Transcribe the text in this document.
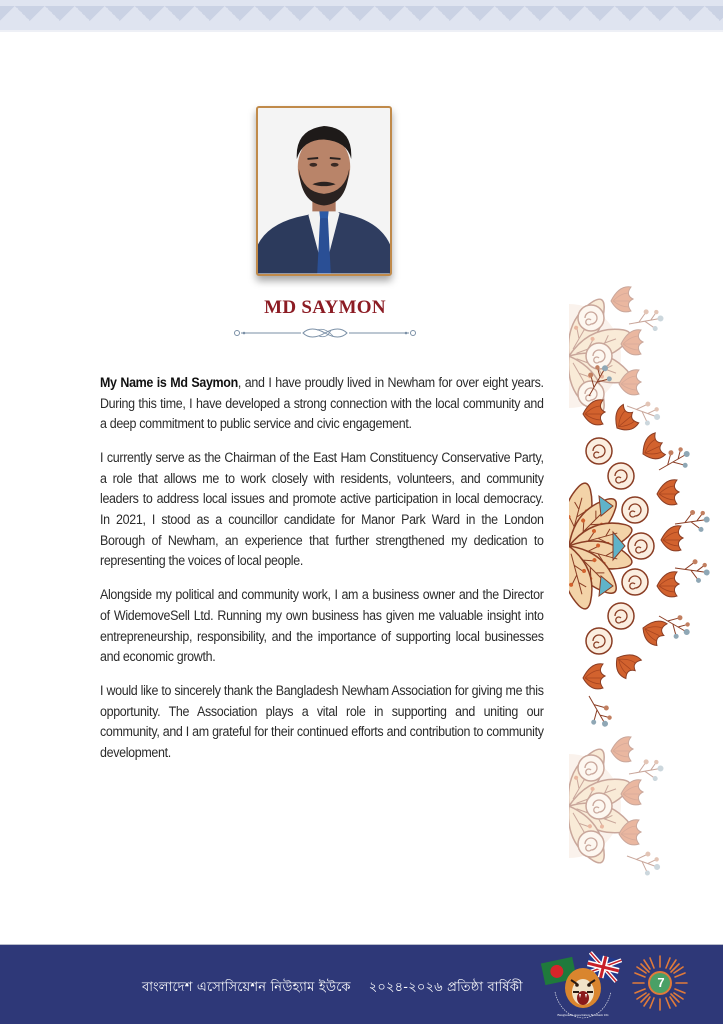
MD SAYMON

My Name is Md Saymon, and I have proudly lived in Newham for over eight years. During this time, I have developed a strong connection with the local community and a deep commitment to public service and civic engagement.

I currently serve as the Chairman of the East Ham Constituency Conservative Party, a role that allows me to work closely with residents, volunteers, and community leaders to address local issues and promote active participation in local democracy. In 2021, I stood as a councillor candidate for Manor Park Ward in the London Borough of Newham, an experience that further strengthened my dedication to representing the voices of local people.

Alongside my political and community work, I am a business owner and the Director of WidemoveSell Ltd. Running my own business has given me valuable insight into entrepreneurship, responsibility, and the importance of supporting local businesses and economic growth.

I would like to sincerely thank the Bangladesh Newham Association for giving me this opportunity. The Association plays a vital role in supporting and uniting our community, and I am grateful for their continued efforts and contribution to community development.

বাংলাদেশ এসোসিয়েশন নিউহ্যাম ইউকে ২০২৪-২০২৬ প্রতিষ্ঠা বার্ষিকী
Bangladesh Association Newham UK
7
